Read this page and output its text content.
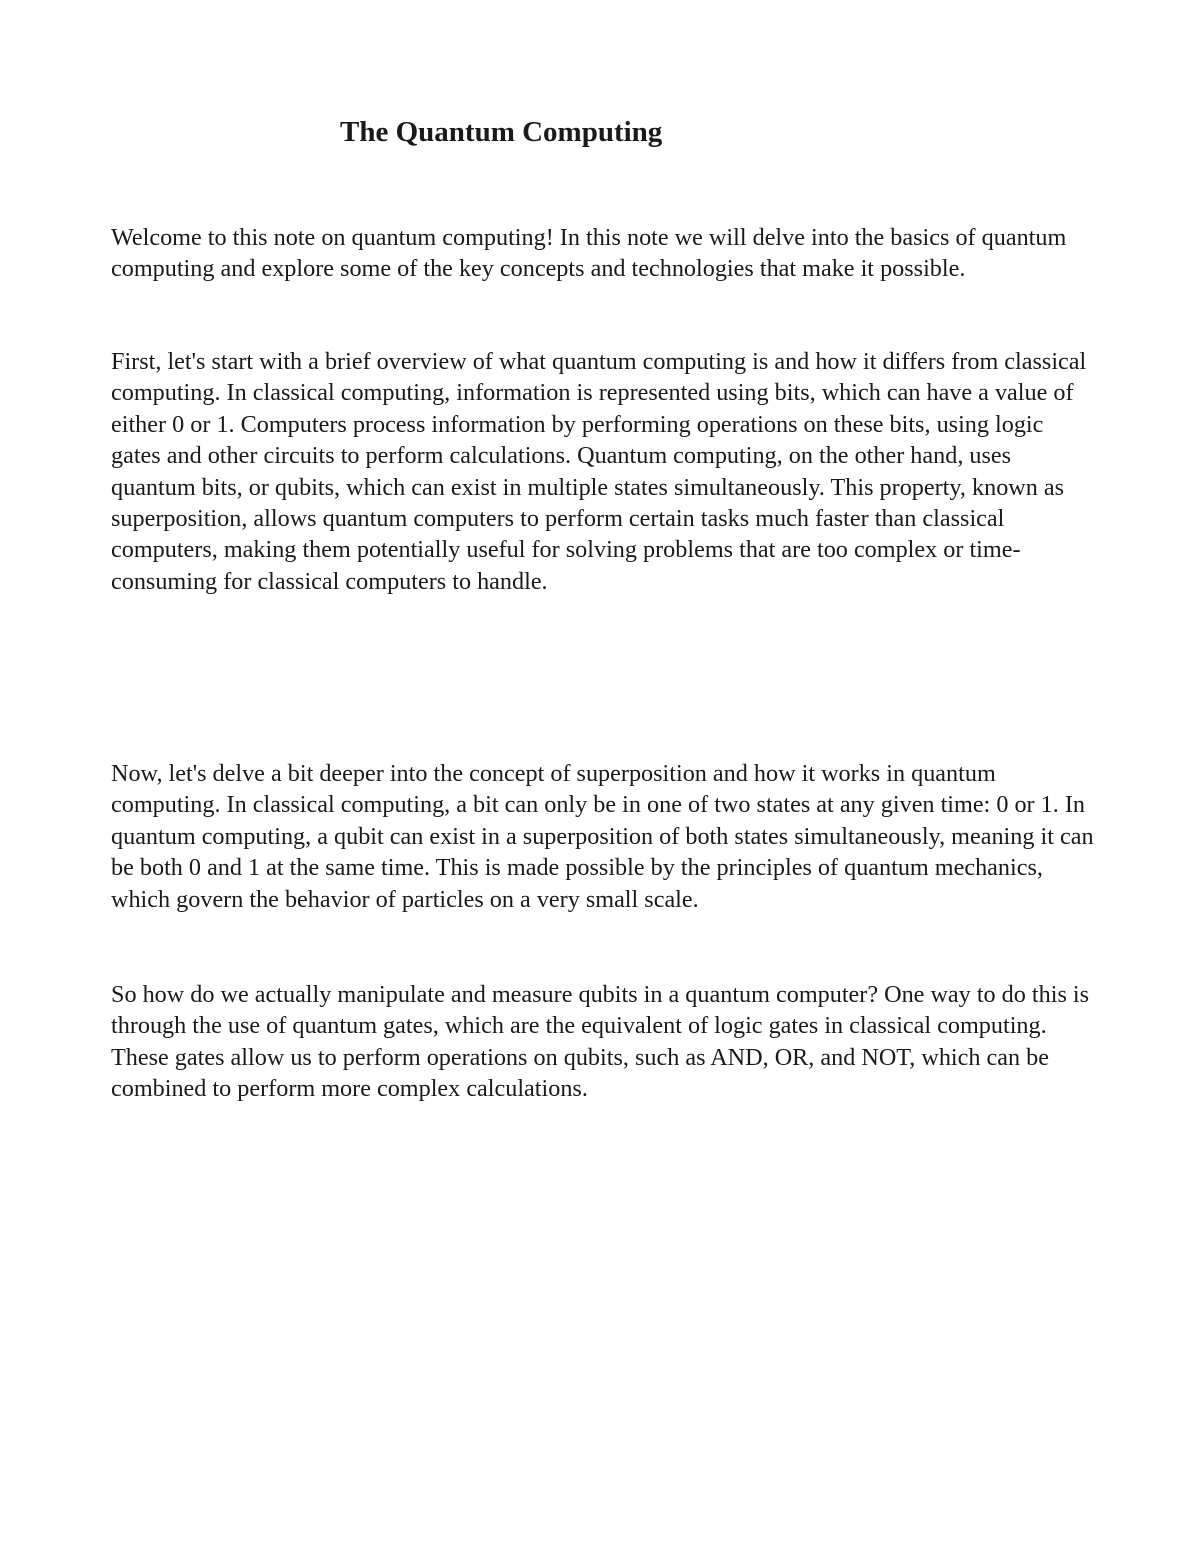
The Quantum Computing

Welcome to this note on quantum computing! In this note we will delve into the basics of quantum computing and explore some of the key concepts and technologies that make it possible.

First, let's start with a brief overview of what quantum computing is and how it differs from classical computing. In classical computing, information is represented using bits, which can have a value of either 0 or 1. Computers process information by performing operations on these bits, using logic gates and other circuits to perform calculations. Quantum computing, on the other hand, uses quantum bits, or qubits, which can exist in multiple states simultaneously. This property, known as superposition, allows quantum computers to perform certain tasks much faster than classical computers, making them potentially useful for solving problems that are too complex or time-consuming for classical computers to handle.

Now, let's delve a bit deeper into the concept of superposition and how it works in quantum computing. In classical computing, a bit can only be in one of two states at any given time: 0 or 1. In quantum computing, a qubit can exist in a superposition of both states simultaneously, meaning it can be both 0 and 1 at the same time. This is made possible by the principles of quantum mechanics, which govern the behavior of particles on a very small scale.

So how do we actually manipulate and measure qubits in a quantum computer? One way to do this is through the use of quantum gates, which are the equivalent of logic gates in classical computing. These gates allow us to perform operations on qubits, such as AND, OR, and NOT, which can be combined to perform more complex calculations.
